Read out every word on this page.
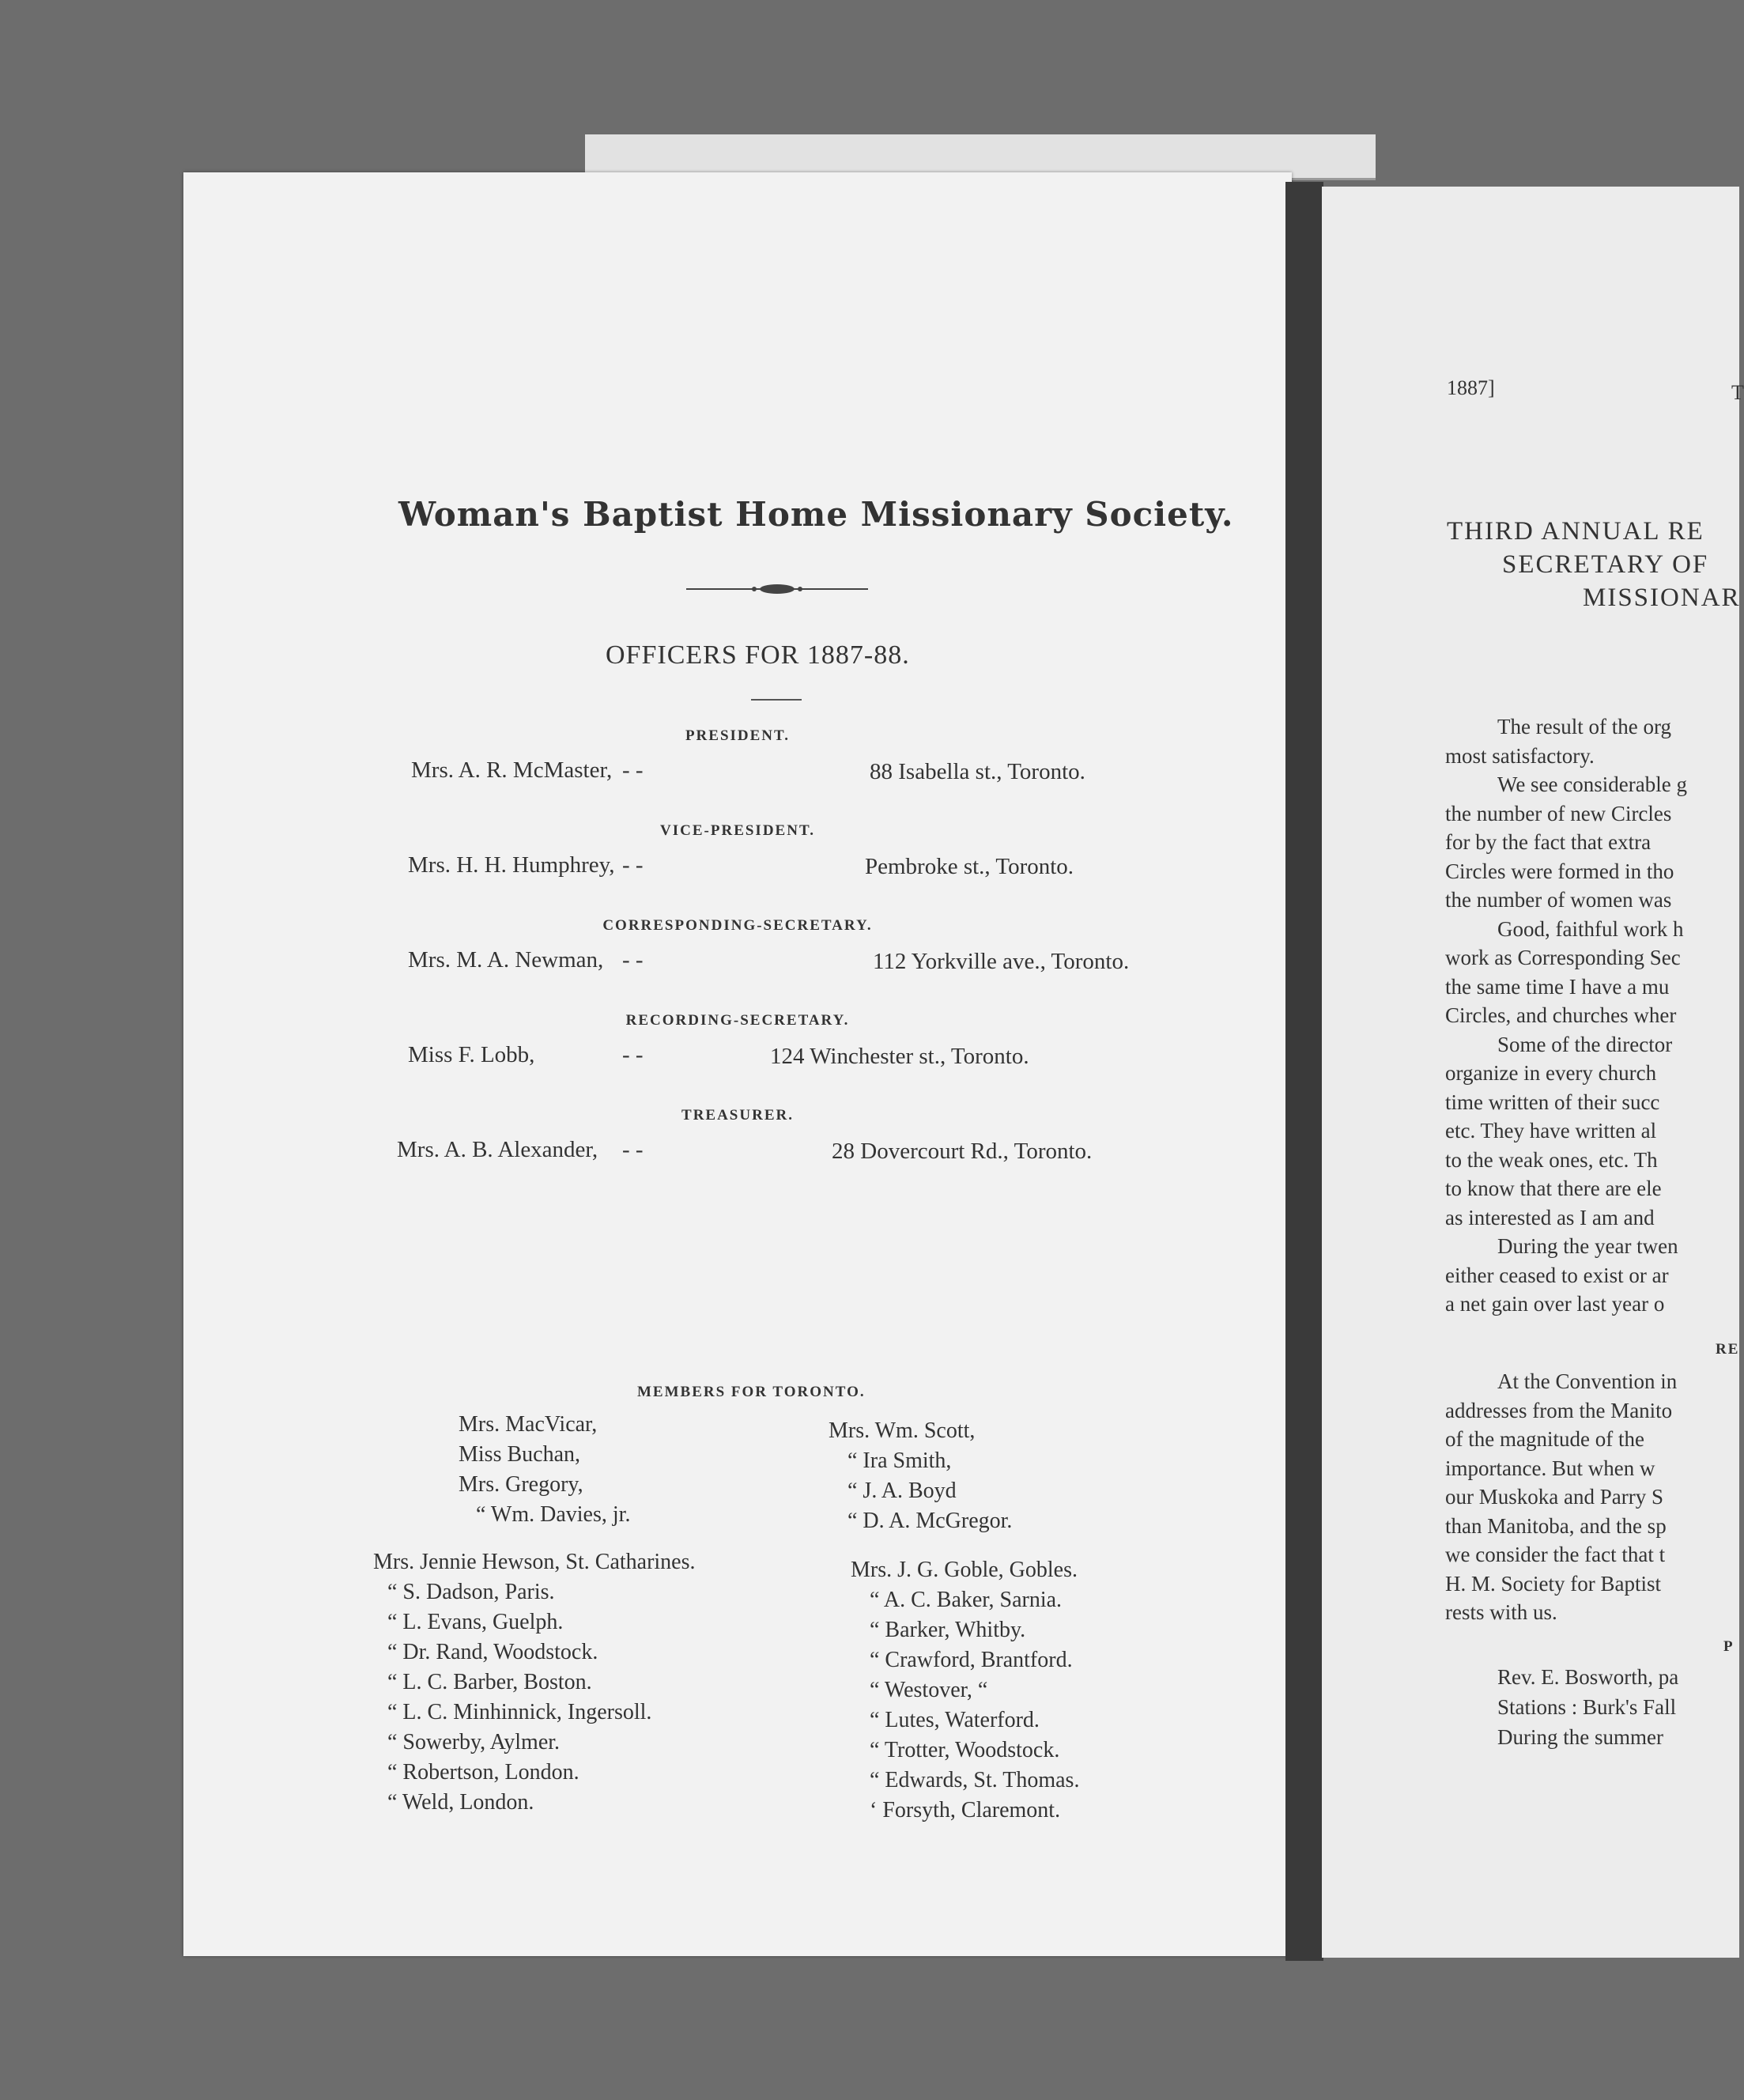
Woman's Baptist Home Missionary Society.
OFFICERS FOR 1887-88.
PRESIDENT.
Mrs. A. R. McMaster, - -	88 Isabella st., Toronto.
VICE-PRESIDENT.
Mrs. H. H. Humphrey, - -	Pembroke st., Toronto.
CORRESPONDING-SECRETARY.
Mrs. M. A. Newman, - -	112 Yorkville ave., Toronto.
RECORDING-SECRETARY.
Miss F. Lobb,	- -	124 Winchester st., Toronto.
TREASURER.
Mrs. A. B. Alexander, - -	28 Dovercourt Rd., Toronto.
MEMBERS FOR TORONTO.
Mrs. MacVicar,
Miss Buchan,
Mrs. Gregory,
“ Wm. Davies, jr.
Mrs. Wm. Scott,
“ Ira Smith,
“ J. A. Boyd
“ D. A. McGregor.
Mrs. Jennie Hewson, St. Catharines.
“ S. Dadson, Paris.
“ L. Evans, Guelph.
“ Dr. Rand, Woodstock.
“ L. C. Barber, Boston.
“ L. C. Minhinnick, Ingersoll.
“ Sowerby, Aylmer.
“ Robertson, London.
“ Weld, London.
Mrs. J. G. Goble, Gobles.
“ A. C. Baker, Sarnia.
“ Barker, Whitby.
“ Crawford, Brantford.
“ Westover, “
“ Lutes, Waterford.
“ Trotter, Woodstock.
“ Edwards, St. Thomas.
‘ Forsyth, Claremont.
1887]	T
THIRD ANNUAL RE
SECRETARY OF
MISSIONAR
The result of the org
most satisfactory.
We see considerable g
the number of new Circles
for by the fact that extra
Circles were formed in tho
the number of women was
Good, faithful work h
work as Corresponding Sec
the same time I have a mu
Circles, and churches wher
Some of the director
organize in every church
time written of their succ
etc. They have written al
to the weak ones, etc. Th
to know that there are ele
as interested as I am and
During the year twen
either ceased to exist or ar
a net gain over last year o
RE
At the Convention in
addresses from the Manito
of the magnitude of the
importance. But when w
our Muskoka and Parry S
than Manitoba, and the sp
we consider the fact that t
H. M. Society for Baptist
rests with us.
P
Rev. E. Bosworth, pa
Stations : Burk's Fall
During the summer
